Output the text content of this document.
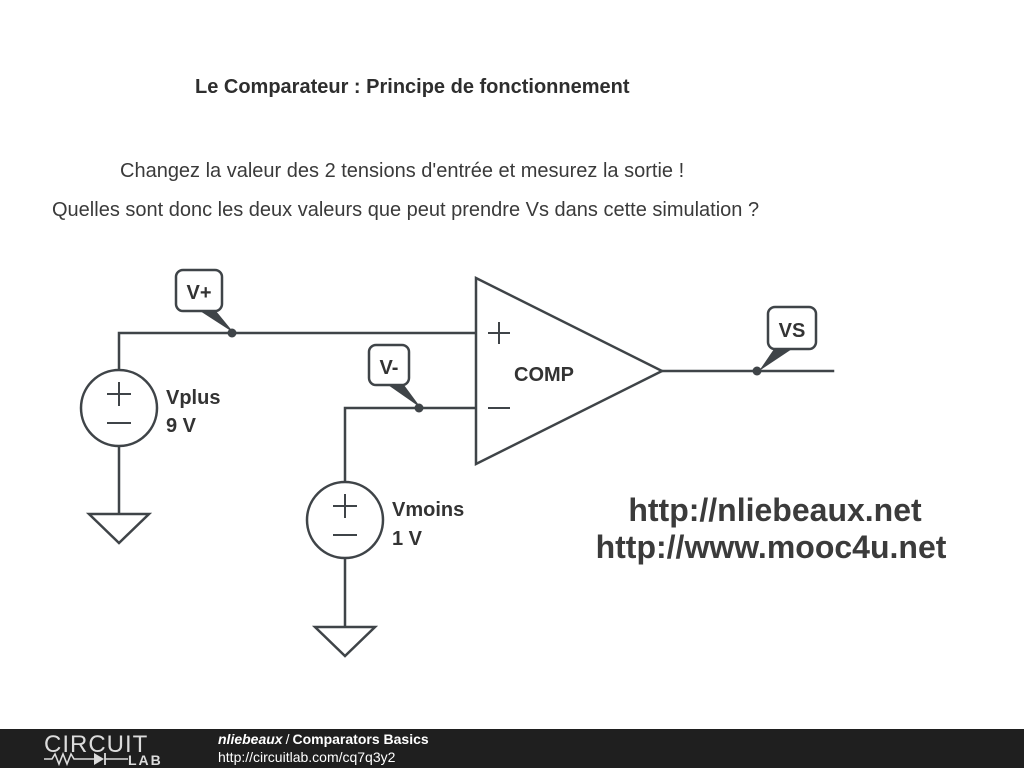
Le Comparateur : Principe de fonctionnement
Changez la valeur des 2 tensions d'entrée et mesurez la sortie !
Quelles sont donc les deux valeurs que peut prendre Vs dans cette simulation ?
COMP
Vplus
9 V
Vmoins
1 V
V+
V-
VS
http://nliebeaux.net
http://www.mooc4u.net
CIRCUIT
LAB
nliebeaux / Comparators Basics
http://circuitlab.com/cq7q3y2
